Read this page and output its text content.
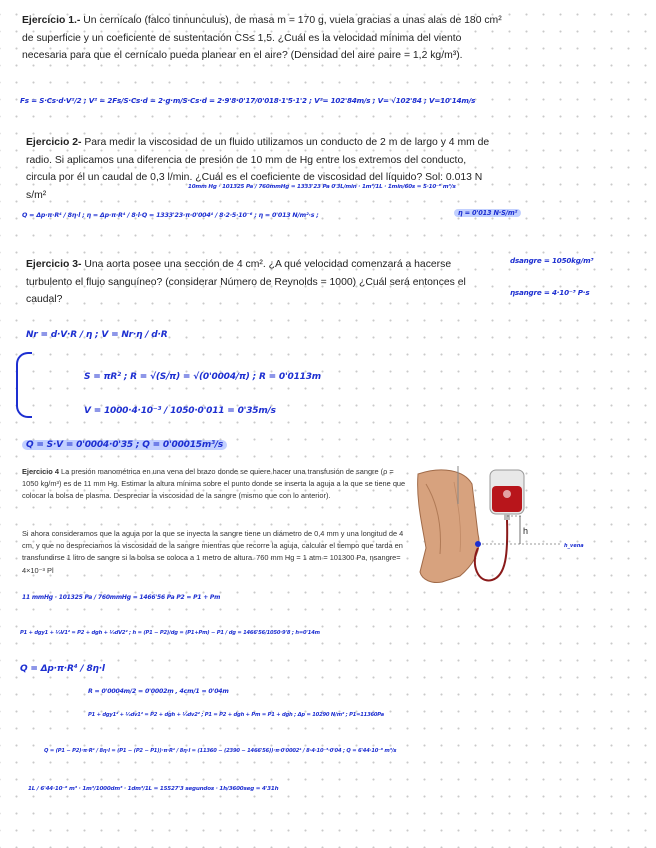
Ejercicio 1.- Un cernícalo (falco tinnunculus), de masa m = 170 g, vuela gracias a unas alas de 180 cm² de superficie y un coeficiente de sustentación CS≤ 1,5. ¿Cuál es la velocidad mínima del viento necesaria para que el cernícalo pueda planear en el aire? (Densidad del aire ρaire = 1,2 kg/m³).
Fs = S·Cs·d·V²/2 ; V² = 2Fs/S·Cs·d = 2·g·m/S·Cs·d = 2·9'8·0'17/0'018·1'5·1'2 ; V²= 102'84m/s ; V= √102'84 ; V=10'14m/s
Ejercicio 2- Para medir la viscosidad de un fluido utilizamos un conducto de 2 m de largo y 4 mm de radio. Si aplicamos una diferencia de presión de 10 mm de Hg entre los extremos del conducto, circula por él un caudal de 0,3 l/min. ¿Cuál es el coeficiente de viscosidad del líquido? Sol: 0.013 N s/m²
10mm Hg · 101325 Pa / 760mmHg = 1333'23 Pa 0'3L/min · 1m³/1L · 1min/60s = 5·10⁻⁶ m³/s
Q = Δp·π·R⁴ / 8η·l ; η = Δp·π·R⁴ / 8·l·Q = 1333'23·π·0'004⁴ / 8·2·5·10⁻⁶ ; η = 0'013 N/m²·s ;	η = 0'013 N·S/m²
Ejercicio 3- Una aorta posee una sección de 4 cm². ¿A qué velocidad comenzará a hacerse turbulento el flujo sanguíneo? (considerar Número de Reynolds = 1000) ¿Cuál será entonces el caudal?
dsangre = 1050kg/m³
ηsangre = 4·10⁻³ P·s
Nr = d·V·R / η ; V = Nr·η / d·R
S = πR² ; R = √(S/π) = √(0'0004/π) ; R = 0'0113m
V = 1000·4·10⁻³ / 1050·0'011 = 0'35m/s
Q = S·V = 0'0004·0'35 ; Q = 0'00015m³/s
Ejercicio 4 La presión manométrica en una vena del brazo donde se quiere hacer una transfusión de sangre (ρ = 1050 kg/m³) es de 11 mm Hg. Estimar la altura mínima sobre el punto donde se inserta la aguja a la que se tiene que colocar la bolsa de plasma. Despreciar la viscosidad de la sangre (mismo que con lo anterior).
Si ahora consideramos que la aguja por la que se inyecta la sangre tiene un diámetro de 0,4 mm y una longitud de 4 cm, y que no despreciamos la viscosidad de la sangre mientras que recorre la aguja, calcular el tiempo que tarda en transfundirse 1 litro de sangre si la bolsa se coloca a 1 metro de altura. 760 mm Hg = 1 atm = 101300 Pa, ηsangre= 4×10⁻³ Pl
h
h_vena
11 mmHg · 101325 Pa / 760mmHg = 1466'56 Pa P2 = P1 + Pm
P1 + dgy1 + ½V1² = P2 + dgh + ½dV2² ; h = (P1 − P2)/dg = (P1+Pm) − P1 / dg = 1466'56/1050·9'8 ; h=0'14m
Q = Δp·π·R⁴ / 8η·l
R = 0'0004m/2 = 0'0002m , 4cm/1 = 0'04m
P1 + dgy1² + ½dv1² = P2 + dgh + ½dv2² ; P1 = P2 + dgh + Pm = P1 + dgh ; Δp = 10290 N/m² ; P1=11360Pa
Q = (P1 − P2)·π·R⁴ / 8η·l = (P1 − (P2 − P1))·π·R⁴ / 8η·l = (11360 − (2390 − 1466'56))·π·0'0002⁴ / 8·4·10⁻³·0'04 ; Q = 6'44·10⁻⁸ m³/s
1L / 6'44·10⁻⁸ m³ · 1m³/1000dm³ · 1dm³/1L = 15527'3 segundos · 1h/3600seg = 4'31h
